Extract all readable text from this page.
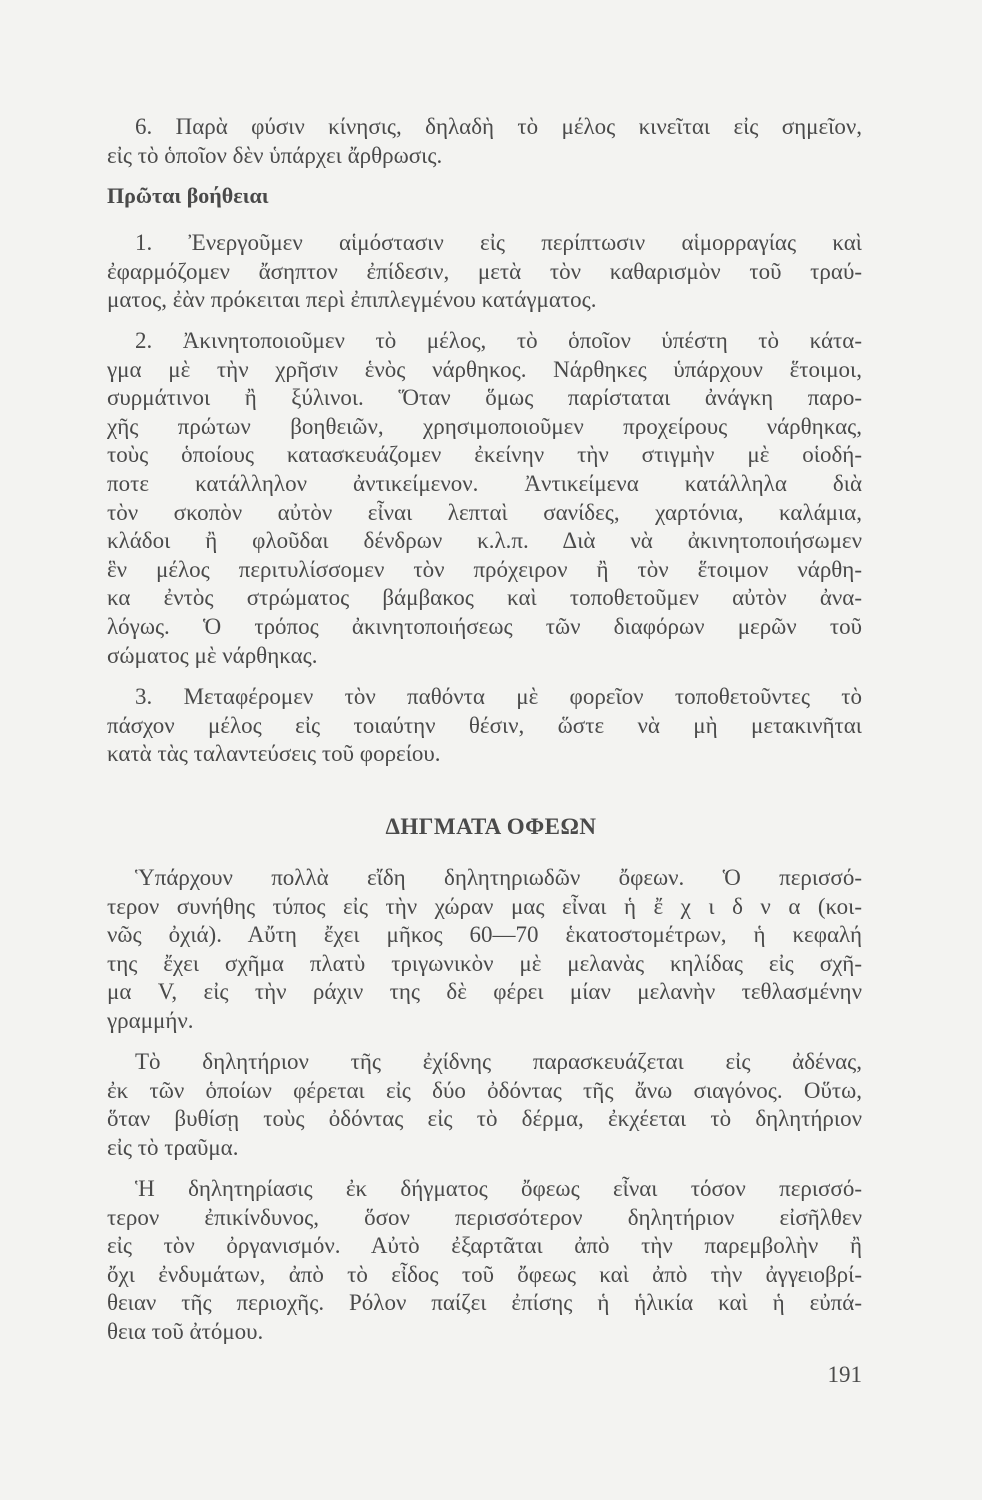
6. Παρὰ φύσιν κίνησις, δηλαδὴ τὸ μέλος κινεῖται εἰς σημεῖον,
εἰς τὸ ὁποῖον δὲν ὑπάρχει ἄρθρωσις.
Πρῶται βοήθειαι
1. Ἐνεργοῦμεν αἱμόστασιν εἰς περίπτωσιν αἱμορραγίας καὶ
ἐφαρμόζομεν ἄσηπτον ἐπίδεσιν, μετὰ τὸν καθαρισμὸν τοῦ τραύ-
ματος, ἐὰν πρόκειται περὶ ἐπιπλεγμένου κατάγματος.
2. Ἀκινητοποιοῦμεν τὸ μέλος, τὸ ὁποῖον ὑπέστη τὸ κάτα-
γμα μὲ τὴν χρῆσιν ἑνὸς νάρθηκος. Νάρθηκες ὑπάρχουν ἕτοιμοι,
συρμάτινοι ἢ ξύλινοι. Ὅταν ὅμως παρίσταται ἀνάγκη παρο-
χῆς πρώτων βοηθειῶν, χρησιμοποιοῦμεν προχείρους νάρθηκας,
τοὺς ὁποίους κατασκευάζομεν ἐκείνην τὴν στιγμὴν μὲ οἱοδή-
ποτε κατάλληλον ἀντικείμενον. Ἀντικείμενα κατάλληλα διὰ
τὸν σκοπὸν αὐτὸν εἶναι λεπταὶ σανίδες, χαρτόνια, καλάμια,
κλάδοι ἢ φλοῦδαι δένδρων κ.λ.π. Διὰ νὰ ἀκινητοποιήσωμεν
ἓν μέλος περιτυλίσσομεν τὸν πρόχειρον ἢ τὸν ἕτοιμον νάρθη-
κα ἐντὸς στρώματος βάμβακος καὶ τοποθετοῦμεν αὐτὸν ἀνα-
λόγως. Ὁ τρόπος ἀκινητοποιήσεως τῶν διαφόρων μερῶν τοῦ
σώματος μὲ νάρθηκας.
3. Μεταφέρομεν τὸν παθόντα μὲ φορεῖον τοποθετοῦντες τὸ
πάσχον μέλος εἰς τοιαύτην θέσιν, ὥστε νὰ μὴ μετακινῆται
κατὰ τὰς ταλαντεύσεις τοῦ φορείου.
ΔΗΓΜΑΤΑ ΟΦΕΩΝ
Ὑπάρχουν πολλὰ εἴδη δηλητηριωδῶν ὄφεων. Ὁ περισσό-
τερον συνήθης τύπος εἰς τὴν χώραν μας εἶναι ἡ ἔ χ ι δ ν α (κοι-
νῶς ὀχιά). Αὔτη ἔχει μῆκος 60—70 ἑκατοστομέτρων, ἡ κεφαλή
της ἔχει σχῆμα πλατὺ τριγωνικὸν μὲ μελανὰς κηλίδας εἰς σχῆ-
μα V, εἰς τὴν ράχιν της δὲ φέρει μίαν μελανὴν τεθλασμένην
γραμμήν.
Τὸ δηλητήριον τῆς ἐχίδνης παρασκευάζεται εἰς ἀδένας,
ἐκ τῶν ὁποίων φέρεται εἰς δύο ὀδόντας τῆς ἄνω σιαγόνος. Οὕτω,
ὅταν βυθίσῃ τοὺς ὀδόντας εἰς τὸ δέρμα, ἐκχέεται τὸ δηλητήριον
εἰς τὸ τραῦμα.
Ἡ δηλητηρίασις ἐκ δήγματος ὄφεως εἶναι τόσον περισσό-
τερον ἐπικίνδυνος, ὅσον περισσότερον δηλητήριον εἰσῆλθεν
εἰς τὸν ὀργανισμόν. Αὐτὸ ἐξαρτᾶται ἀπὸ τὴν παρεμβολὴν ἢ
ὄχι ἐνδυμάτων, ἀπὸ τὸ εἶδος τοῦ ὄφεως καὶ ἀπὸ τὴν ἀγγειοβρί-
θειαν τῆς περιοχῆς. Ρόλον παίζει ἐπίσης ἡ ἡλικία καὶ ἡ εὐπά-
θεια τοῦ ἀτόμου.
191
